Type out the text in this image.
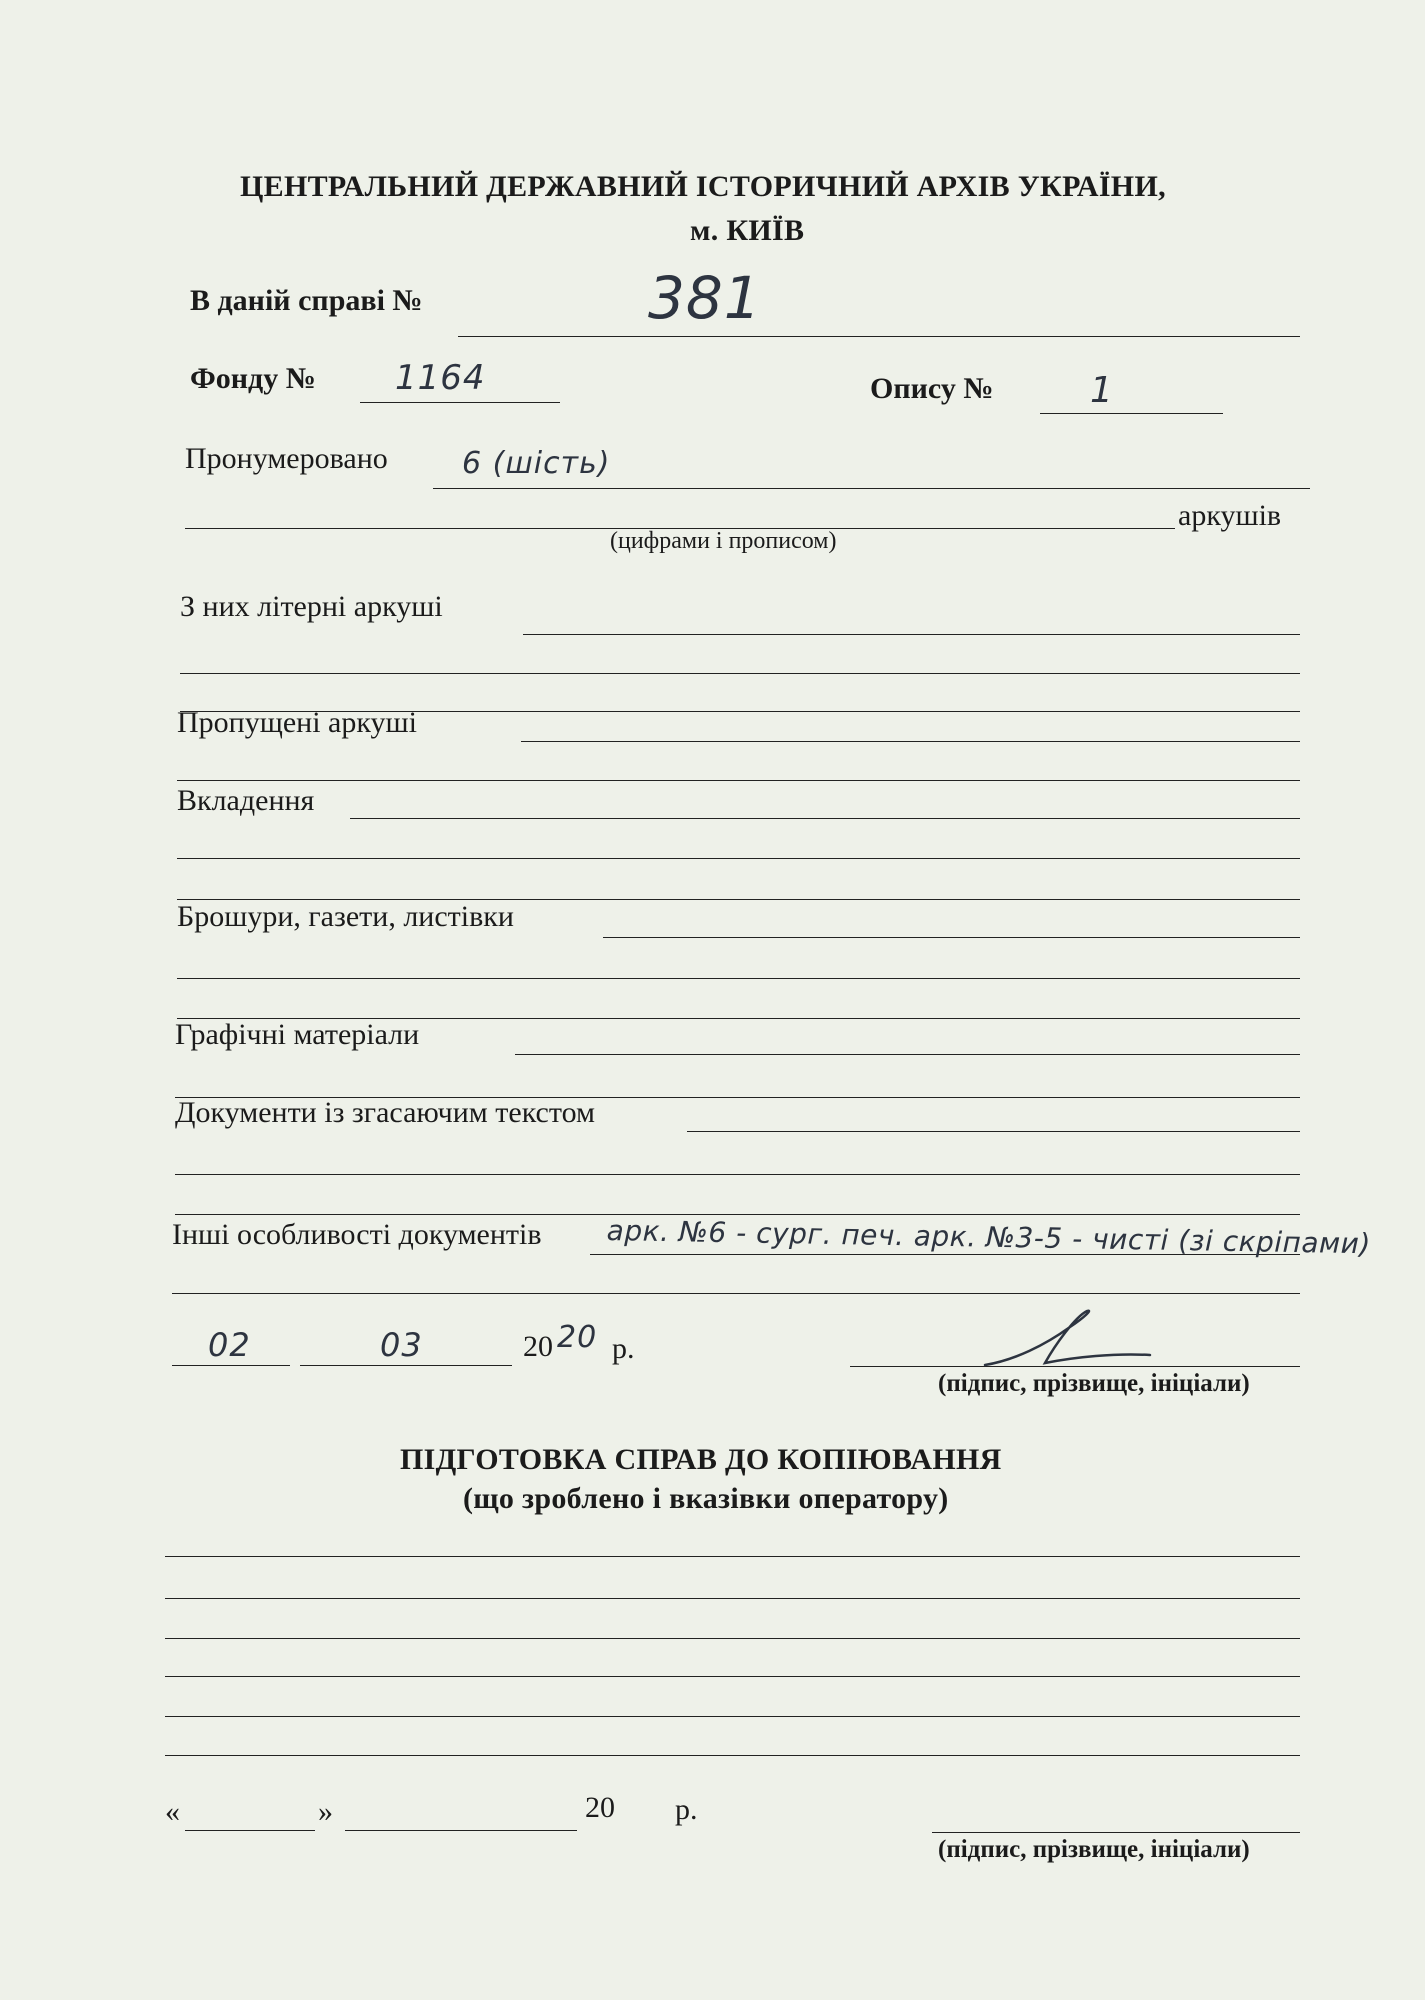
ЦЕНТРАЛЬНИЙ ДЕРЖАВНИЙ ІСТОРИЧНИЙ АРХІВ УКРАЇНИ,
м. КИЇВ
В даній справі №	381
Фонду № 1164	Опису №	1
Пронумеровано 6 (шість)
аркушів
(цифрами і прописом)
З них літерні аркуші
Пропущені аркуші
Вкладення
Брошури, газети, листівки
Графічні матеріали
Документи із згасаючим текстом
Інші особливості документів арк. №6 - сург. печ. арк. №3-5 - чисті (зі скріпами)
02	03	20 20 р.
(підпис, прізвище, ініціали)
ПІДГОТОВКА СПРАВ ДО КОПІЮВАННЯ
(що зроблено і вказівки оператору)
«	»	20 р.
(підпис, прізвище, ініціали)
